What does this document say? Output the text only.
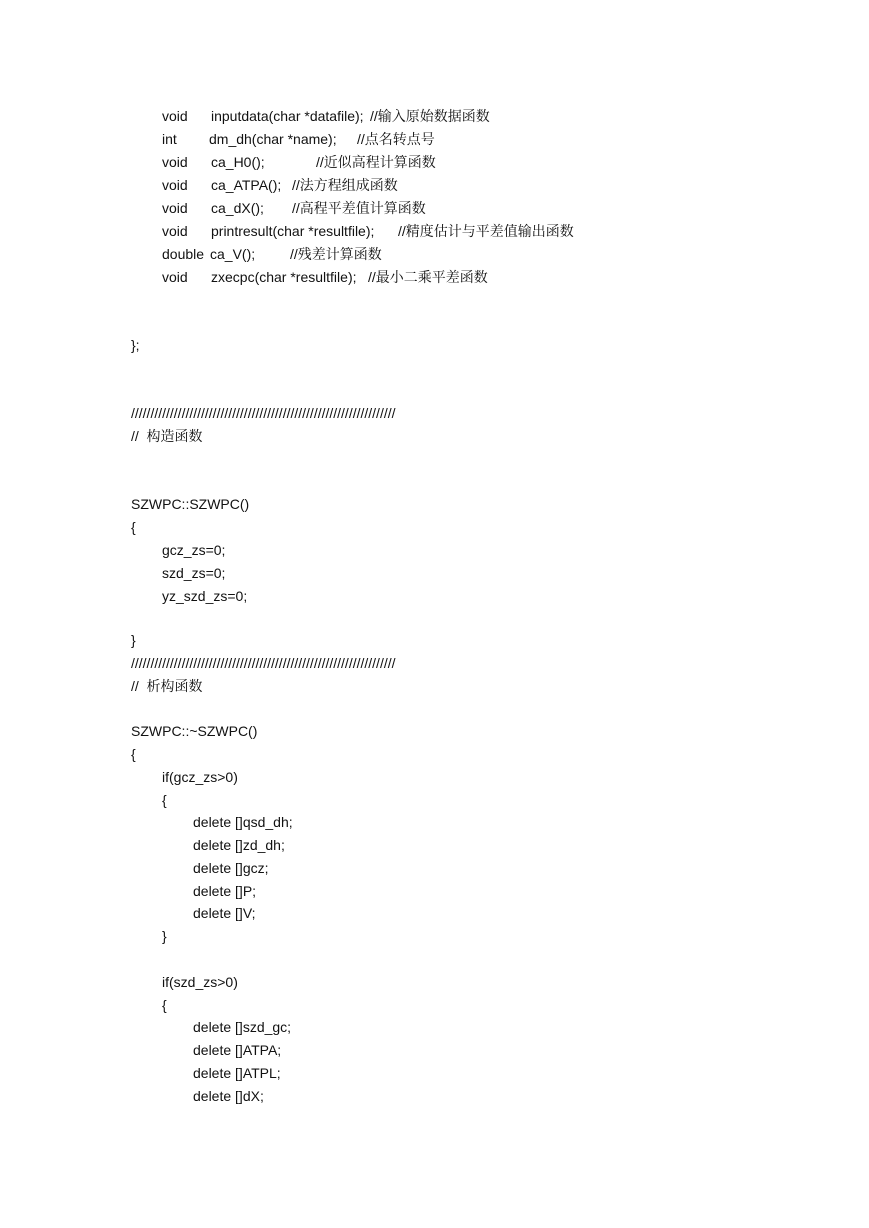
void

inputdata(char *datafile);

//输入原始数据函数

int

dm_dh(char *name);

//点名转点号

void

ca_H0();

	//近似高程计算函数

void

ca_ATPA();

//法方程组成函数

void

ca_dX();

//高程平差值计算函数

void

printresult(char *resultfile);

//精度估计与平差值输出函数

double

ca_V();

//残差计算函数

void

zxecpc(char *resultfile);

//最小二乘平差函数

};
////////////////////////////////////////////////////////////////////
//  构造函数
SZWPC::SZWPC()
{
gcz_zs=0;
szd_zs=0;
yz_szd_zs=0;
}
////////////////////////////////////////////////////////////////////
//  析构函数
SZWPC::~SZWPC()
{
if(gcz_zs>0)
{
delete []qsd_dh;
delete []zd_dh;
delete []gcz;
delete []P;
delete []V;
}
if(szd_zs>0)
{
delete []szd_gc;
delete []ATPA;
delete []ATPL;
delete []dX;
